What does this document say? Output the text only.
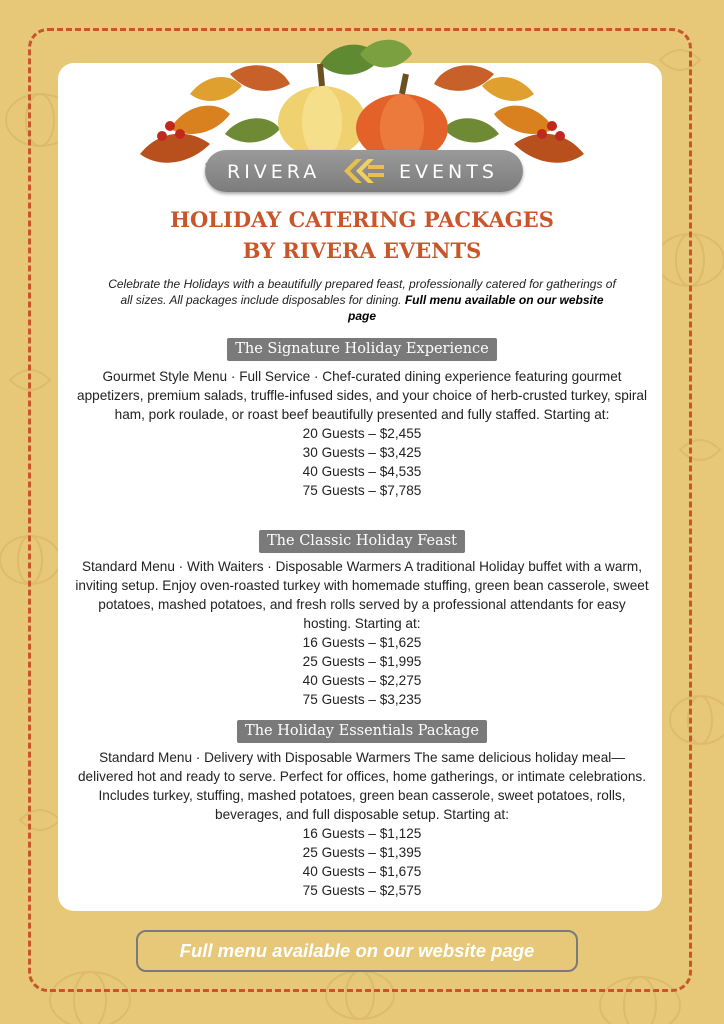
RIVERA	EVENTS
HOLIDAY CATERING PACKAGES
BY RIVERA EVENTS
Celebrate the Holidays with a beautifully prepared feast, professionally catered for gatherings of all sizes. All packages include disposables for dining. Full menu available on our website page
The Signature Holiday Experience

Gourmet Style Menu · Full Service · Chef-curated dining experience featuring gourmet appetizers, premium salads, truffle-infused sides, and your choice of herb-crusted turkey, spiral ham, pork roulade, or roast beef beautifully presented and fully staffed. Starting at:

20 Guests – $2,455

30 Guests – $3,425

40 Guests – $4,535

75 Guests – $7,785

The Classic Holiday Feast

Standard Menu · With Waiters · Disposable Warmers A traditional Holiday buffet with a warm, inviting setup. Enjoy oven-roasted turkey with homemade stuffing, green bean casserole, sweet potatoes, mashed potatoes, and fresh rolls served by a professional attendants for easy hosting. Starting at:

16 Guests – $1,625

25 Guests – $1,995

40 Guests – $2,275

75 Guests – $3,235

The Holiday Essentials Package

Standard Menu · Delivery with Disposable Warmers The same delicious holiday meal—delivered hot and ready to serve. Perfect for offices, home gatherings, or intimate celebrations. Includes turkey, stuffing, mashed potatoes, green bean casserole, sweet potatoes, rolls, beverages, and full disposable setup. Starting at:

16 Guests – $1,125

25 Guests – $1,395

40 Guests – $1,675

75 Guests – $2,575

Full menu available on our website page
